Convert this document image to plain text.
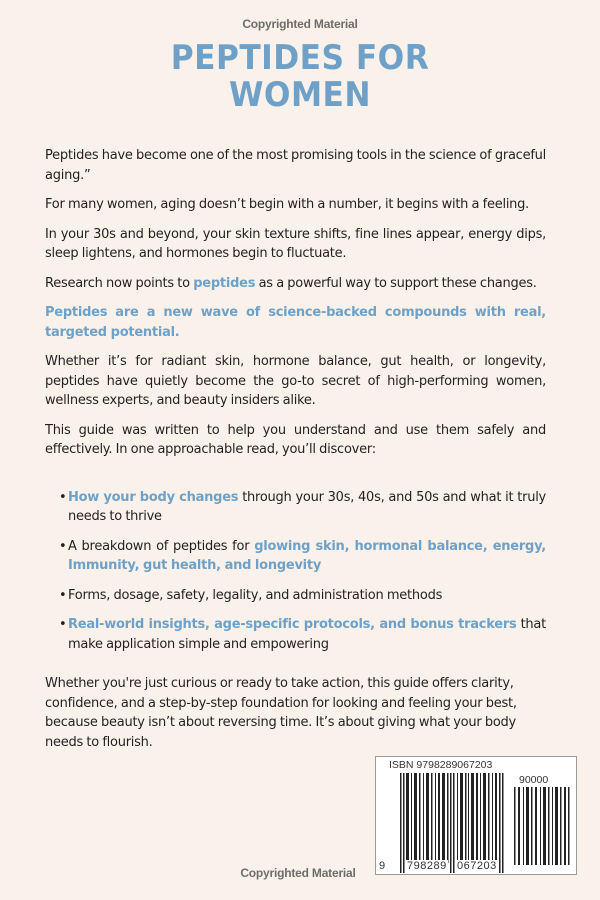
Copyrighted Material
PEPTIDES FOR
WOMEN

Peptides have become one of the most promising tools in the science of graceful aging.”

For many women, aging doesn’t begin with a number, it begins with a feeling.

In your 30s and beyond, your skin texture shifts, fine lines appear, energy dips, sleep lightens, and hormones begin to fluctuate.

Research now points to peptides as a powerful way to support these changes.

Peptides are a new wave of science-backed compounds with real, targeted potential.

Whether it’s for radiant skin, hormone balance, gut health, or longevity, peptides have quietly become the go-to secret of high-performing women, wellness experts, and beauty insiders alike.

This guide was written to help you understand and use them safely and effectively. In one approachable read, you’ll discover:

• How your body changes through your 30s, 40s, and 50s and what it truly needs to thrive
• A breakdown of peptides for glowing skin, hormonal balance, energy, Immunity, gut health, and longevity
• Forms, dosage, safety, legality, and administration methods
• Real-world insights, age-specific protocols, and bonus trackers that make application simple and empowering

Whether you're just curious or ready to take action, this guide offers clarity, confidence, and a step-by-step foundation for looking and feeling your best, because beauty isn’t about reversing time. It’s about giving what your body needs to flourish.

ISBN 9798289067203
90000
9 798289 067203
Copyrighted Material
